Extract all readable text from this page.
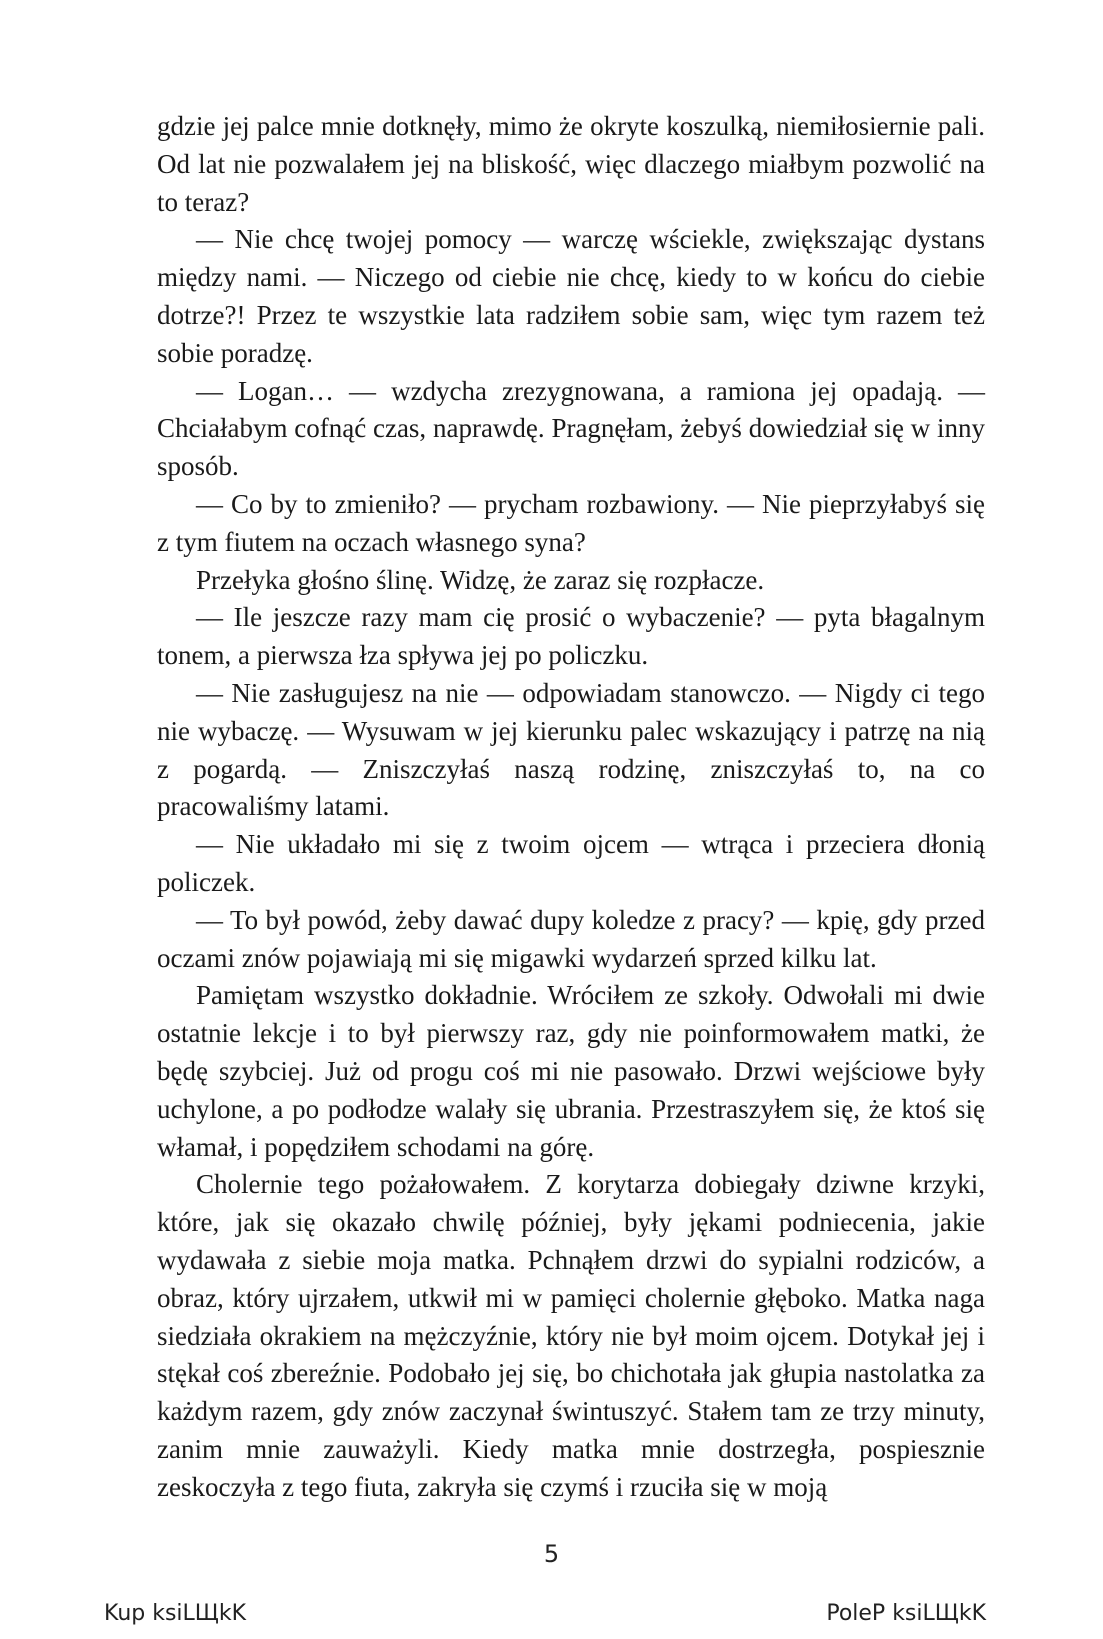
gdzie jej palce mnie dotknęły, mimo że okryte koszulką, niemiłosiernie pali. Od lat nie pozwalałem jej na bliskość, więc dlaczego miałbym pozwolić na to teraz?

— Nie chcę twojej pomocy — warczę wściekle, zwiększając dystans między nami. — Niczego od ciebie nie chcę, kiedy to w końcu do ciebie dotrze?! Przez te wszystkie lata radziłem sobie sam, więc tym razem też sobie poradzę.

— Logan… — wzdycha zrezygnowana, a ramiona jej opadają. — Chciałabym cofnąć czas, naprawdę. Pragnęłam, żebyś dowiedział się w inny sposób.

— Co by to zmieniło? — prycham rozbawiony. — Nie pieprzyłabyś się z tym fiutem na oczach własnego syna?

Przełyka głośno ślinę. Widzę, że zaraz się rozpłacze.

— Ile jeszcze razy mam cię prosić o wybaczenie? — pyta błagalnym tonem, a pierwsza łza spływa jej po policzku.

— Nie zasługujesz na nie — odpowiadam stanowczo. — Nigdy ci tego nie wybaczę. — Wysuwam w jej kierunku palec wskazujący i patrzę na nią z pogardą. — Zniszczyłaś naszą rodzinę, zniszczyłaś to, na co pracowaliśmy latami.

— Nie układało mi się z twoim ojcem — wtrąca i przeciera dłonią policzek.

— To był powód, żeby dawać dupy koledze z pracy? — kpię, gdy przed oczami znów pojawiają mi się migawki wydarzeń sprzed kilku lat.

Pamiętam wszystko dokładnie. Wróciłem ze szkoły. Odwołali mi dwie ostatnie lekcje i to był pierwszy raz, gdy nie poinformowałem matki, że będę szybciej. Już od progu coś mi nie pasowało. Drzwi wejściowe były uchylone, a po podłodze walały się ubrania. Przestraszyłem się, że ktoś się włamał, i popędziłem schodami na górę.

Cholernie tego pożałowałem. Z korytarza dobiegały dziwne krzyki, które, jak się okazało chwilę później, były jękami podniecenia, jakie wydawała z siebie moja matka. Pchnąłem drzwi do sypialni rodziców, a obraz, który ujrzałem, utkwił mi w pamięci cholernie głęboko. Matka naga siedziała okrakiem na mężczyźnie, który nie był moim ojcem. Dotykał jej i stękał coś zbereźnie. Podobało jej się, bo chichotała jak głupia nastolatka za każdym razem, gdy znów zaczynał świntuszyć. Stałem tam ze trzy minuty, zanim mnie zauważyli. Kiedy matka mnie dostrzegła, pospiesznie zeskoczyła z tego fiuta, zakryła się czymś i rzuciła się w moją

5
Kup ksiLЩkK	PoleP ksiLЩkK
